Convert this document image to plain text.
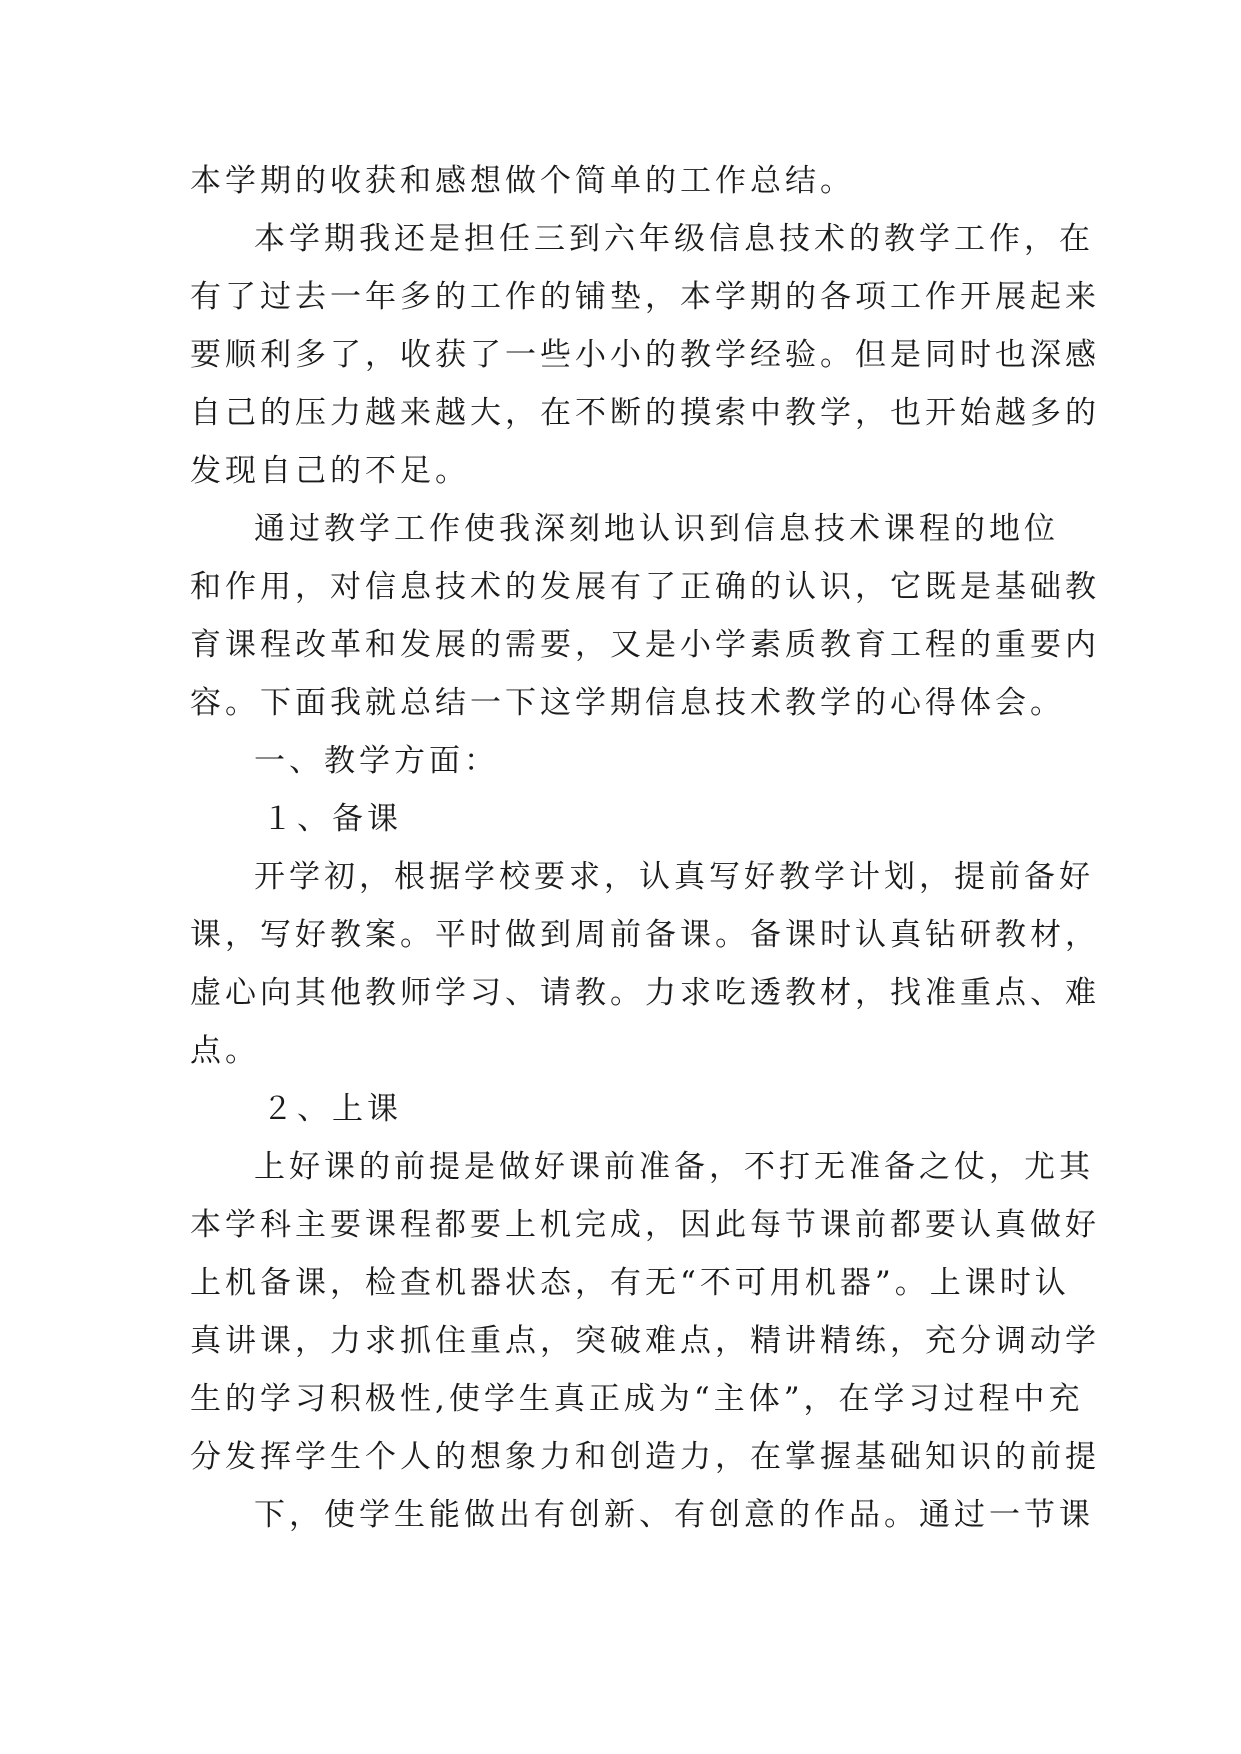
本学期的收获和感想做个简单的工作总结。
本学期我还是担任三到六年级信息技术的教学工作，在
有了过去一年多的工作的铺垫，本学期的各项工作开展起来
要顺利多了，收获了一些小小的教学经验。但是同时也深感
自己的压力越来越大，在不断的摸索中教学，也开始越多的
发现自己的不足。
通过教学工作使我深刻地认识到信息技术课程的地位
和作用，对信息技术的发展有了正确的认识，它既是基础教
育课程改革和发展的需要，又是小学素质教育工程的重要内
容。下面我就总结一下这学期信息技术教学的心得体会。
一、教学方面：
１、备课
开学初，根据学校要求，认真写好教学计划，提前备好
课，写好教案。平时做到周前备课。备课时认真钻研教材，
虚心向其他教师学习、请教。力求吃透教材，找准重点、难
点。
２、上课
上好课的前提是做好课前准备，不打无准备之仗，尤其
本学科主要课程都要上机完成，因此每节课前都要认真做好
上机备课，检查机器状态，有无“不可用机器”。上课时认
真讲课，力求抓住重点，突破难点，精讲精练，充分调动学
生的学习积极性,使学生真正成为“主体”，在学习过程中充
分发挥学生个人的想象力和创造力，在掌握基础知识的前提
下，使学生能做出有创新、有创意的作品。通过一节课
